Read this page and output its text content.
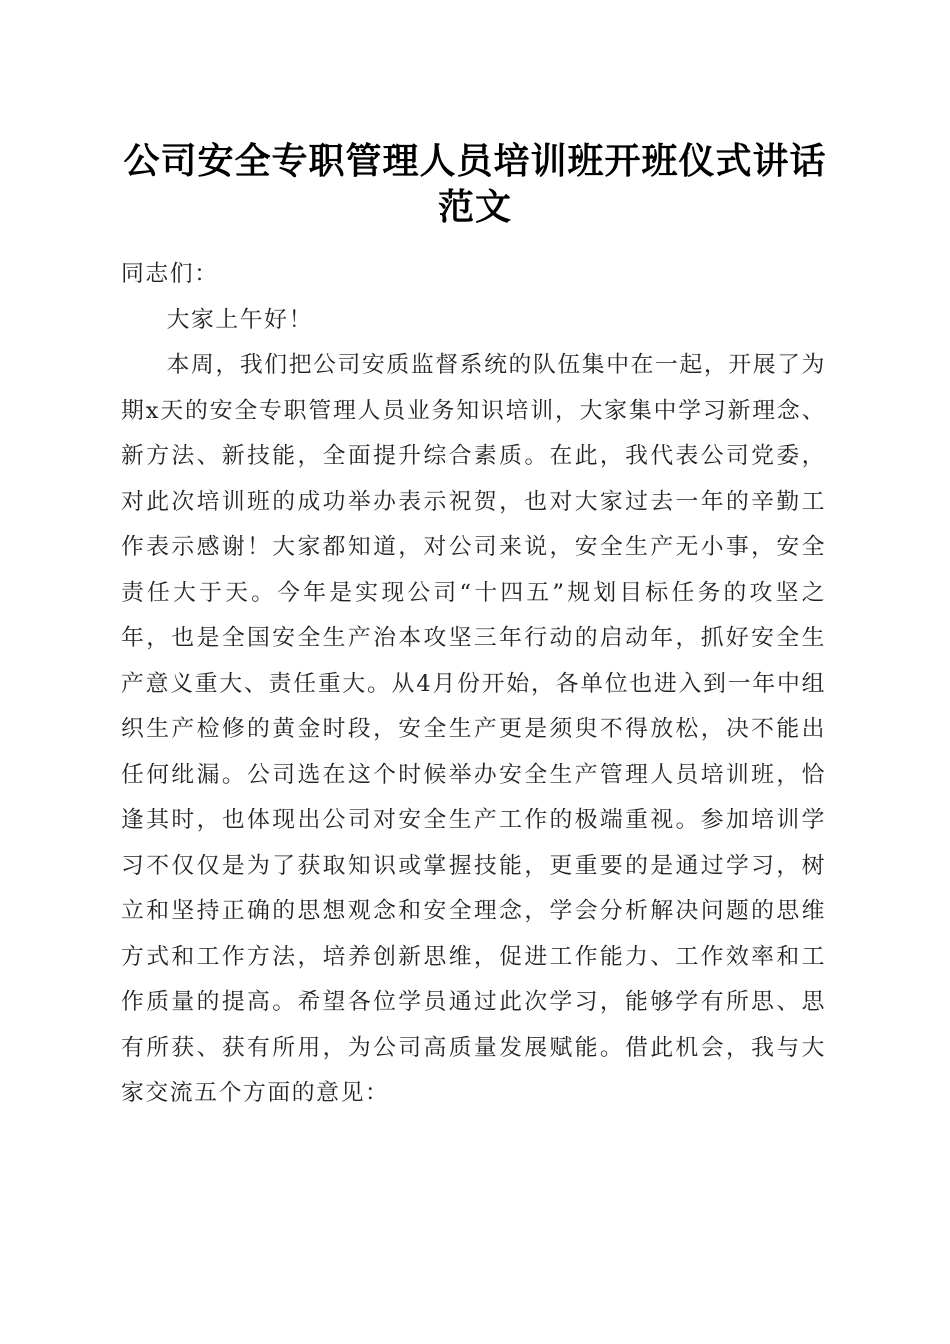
公司安全专职管理人员培训班开班仪式讲话范文

同志们：

大家上午好！

本周，我们把公司安质监督系统的队伍集中在一起，开展了为期x天的安全专职管理人员业务知识培训，大家集中学习新理念、新方法、新技能，全面提升综合素质。在此，我代表公司党委，对此次培训班的成功举办表示祝贺，也对大家过去一年的辛勤工作表示感谢！大家都知道，对公司来说，安全生产无小事，安全责任大于天。今年是实现公司“十四五”规划目标任务的攻坚之年，也是全国安全生产治本攻坚三年行动的启动年，抓好安全生产意义重大、责任重大。从4月份开始，各单位也进入到一年中组织生产检修的黄金时段，安全生产更是须臾不得放松，决不能出任何纰漏。公司选在这个时候举办安全生产管理人员培训班，恰逢其时，也体现出公司对安全生产工作的极端重视。参加培训学习不仅仅是为了获取知识或掌握技能，更重要的是通过学习，树立和坚持正确的思想观念和安全理念，学会分析解决问题的思维方式和工作方法，培养创新思维，促进工作能力、工作效率和工作质量的提高。希望各位学员通过此次学习，能够学有所思、思有所获、获有所用，为公司高质量发展赋能。借此机会，我与大家交流五个方面的意见：
